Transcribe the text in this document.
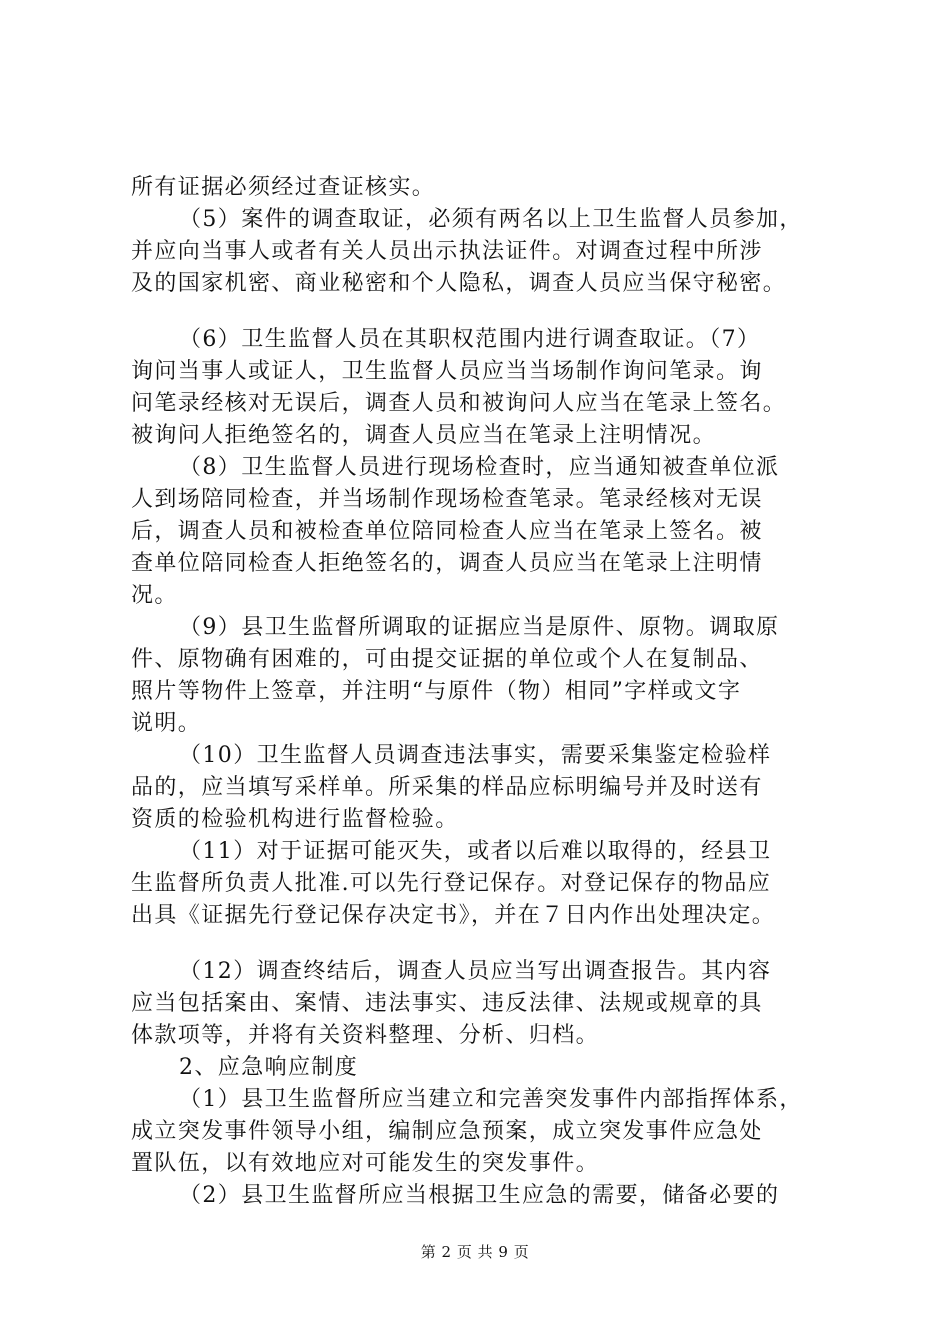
所有证据必须经过查证核实。
（5）案件的调查取证，必须有两名以上卫生监督人员参加，
并应向当事人或者有关人员出示执法证件。对调查过程中所涉
及的国家机密、商业秘密和个人隐私，调查人员应当保守秘密。
（6）卫生监督人员在其职权范围内进行调查取证。（7）
询问当事人或证人，卫生监督人员应当当场制作询问笔录。询
问笔录经核对无误后，调查人员和被询问人应当在笔录上签名。
被询问人拒绝签名的，调查人员应当在笔录上注明情况。
（8）卫生监督人员进行现场检查时，应当通知被查单位派
人到场陪同检查，并当场制作现场检查笔录。笔录经核对无误
后，调查人员和被检查单位陪同检查人应当在笔录上签名。被
查单位陪同检查人拒绝签名的，调查人员应当在笔录上注明情
况。
（9）县卫生监督所调取的证据应当是原件、原物。调取原
件、原物确有困难的，可由提交证据的单位或个人在复制品、
照片等物件上签章，并注明“与原件（物）相同”字样或文字
说明。
（10）卫生监督人员调查违法事实，需要采集鉴定检验样
品的，应当填写采样单。所采集的样品应标明编号并及时送有
资质的检验机构进行监督检验。
（11）对于证据可能灭失，或者以后难以取得的，经县卫
生监督所负责人批准.可以先行登记保存。对登记保存的物品应
出具《证据先行登记保存决定书》，并在７日内作出处理决定。
（12）调查终结后，调查人员应当写出调查报告。其内容
应当包括案由、案情、违法事实、违反法律、法规或规章的具
体款项等，并将有关资料整理、分析、归档。
2、应急响应制度
（1）县卫生监督所应当建立和完善突发事件内部指挥体系，
成立突发事件领导小组，编制应急预案，成立突发事件应急处
置队伍，以有效地应对可能发生的突发事件。
（2）县卫生监督所应当根据卫生应急的需要，储备必要的
第 2 页 共 9 页
